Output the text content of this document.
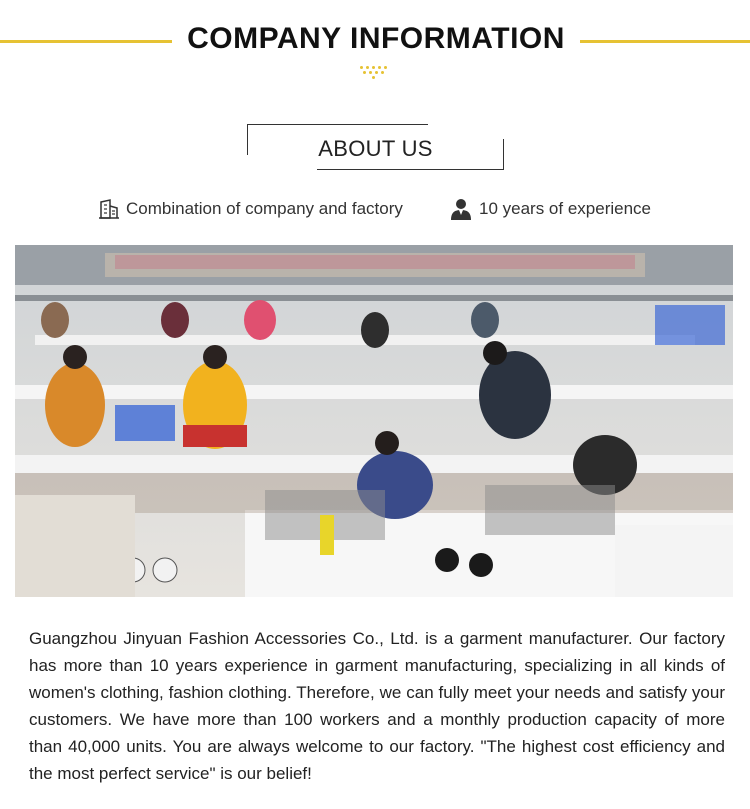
COMPANY INFORMATION
ABOUT US
Combination of company and factory	10 years of experience
Guangzhou Jinyuan Fashion Accessories Co., Ltd. is a garment manufacturer. Our factory has more than 10 years experience in garment manufacturing, specializing in all kinds of women's clothing, fashion clothing. Therefore, we can fully meet your needs and satisfy your customers. We have more than 100 workers and a monthly production capacity of more than 40,000 units. You are always welcome to our factory. "The highest cost efficiency and the most perfect service" is our belief!
